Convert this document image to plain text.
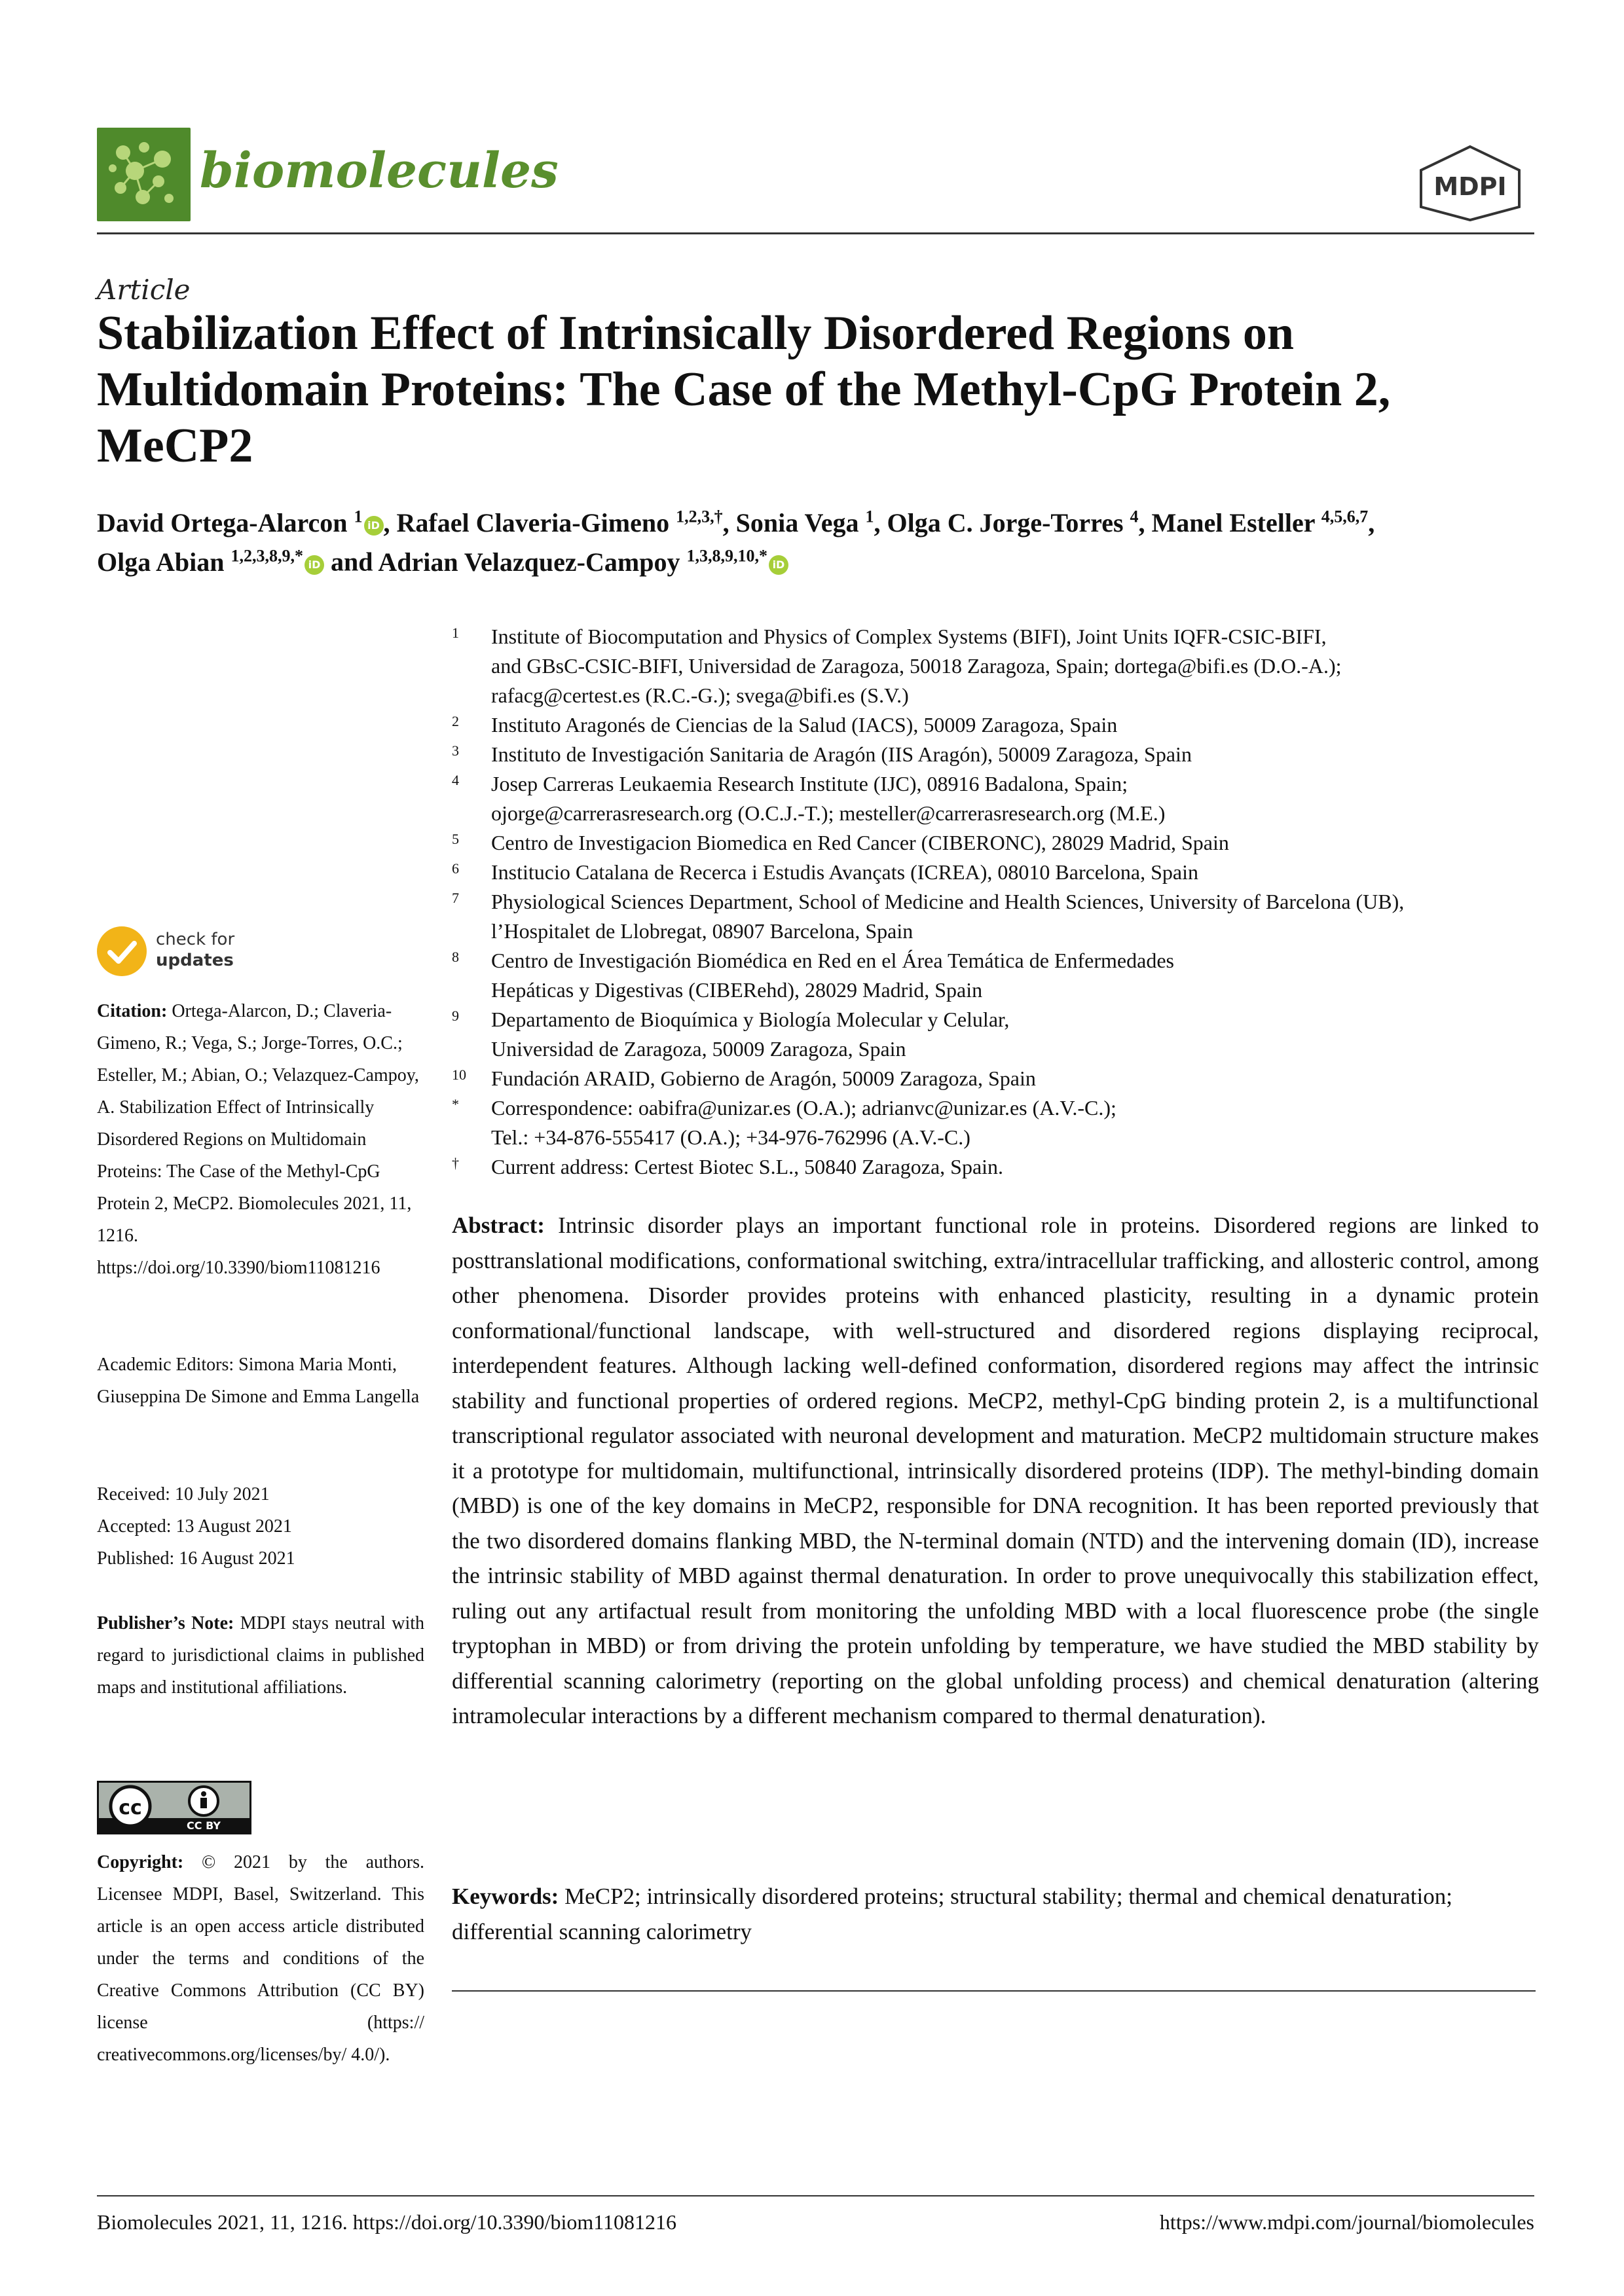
biomolecules	MDPI
Article
Stabilization Effect of Intrinsically Disordered Regions on Multidomain Proteins: The Case of the Methyl-CpG Protein 2, MeCP2
David Ortega-Alarcon $^1$ iD , Rafael Claveria-Gimeno $^{1,2,3,\dagger}$, Sonia Vega $^1$, Olga C. Jorge-Torres $^4$, Manel Esteller $^{4,5,6,7}$,
Olga Abian $^{1,2,3,8,9,*}$ iD and Adrian Velazquez-Campoy $^{1,3,8,9,10,*}$ iD
1 Institute of Biocomputation and Physics of Complex Systems (BIFI), Joint Units IQFR-CSIC-BIFI,
and GBsC-CSIC-BIFI, Universidad de Zaragoza, 50018 Zaragoza, Spain; dortega@bifi.es (D.O.-A.);
rafacg@certest.es (R.C.-G.); svega@bifi.es (S.V.)
2 Instituto Aragonés de Ciencias de la Salud (IACS), 50009 Zaragoza, Spain
3 Instituto de Investigación Sanitaria de Aragón (IIS Aragón), 50009 Zaragoza, Spain
4 Josep Carreras Leukaemia Research Institute (IJC), 08916 Badalona, Spain;
ojorge@carrerasresearch.org (O.C.J.-T.); mesteller@carrerasresearch.org (M.E.)
5 Centro de Investigacion Biomedica en Red Cancer (CIBERONC), 28029 Madrid, Spain
6 Institucio Catalana de Recerca i Estudis Avançats (ICREA), 08010 Barcelona, Spain
7 Physiological Sciences Department, School of Medicine and Health Sciences, University of Barcelona (UB),
l’Hospitalet de Llobregat, 08907 Barcelona, Spain
8 Centro de Investigación Biomédica en Red en el Área Temática de Enfermedades
Hepáticas y Digestivas (CIBERehd), 28029 Madrid, Spain
9 Departamento de Bioquímica y Biología Molecular y Celular,
Universidad de Zaragoza, 50009 Zaragoza, Spain
10 Fundación ARAID, Gobierno de Aragón, 50009 Zaragoza, Spain
* Correspondence: oabifra@unizar.es (O.A.); adrianvc@unizar.es (A.V.-C.);
Tel.: +34-876-555417 (O.A.); +34-976-762996 (A.V.-C.)
† Current address: Certest Biotec S.L., 50840 Zaragoza, Spain.
check for
updates
Citation: Ortega-Alarcon, D.; Claveria-Gimeno, R.; Vega, S.; Jorge-Torres, O.C.; Esteller, M.; Abian, O.; Velazquez-Campoy, A. Stabilization Effect of Intrinsically Disordered Regions on Multidomain Proteins: The Case of the Methyl-CpG Protein 2, MeCP2. Biomolecules 2021, 11, 1216. https://doi.org/10.3390/biom11081216
Academic Editors: Simona Maria Monti, Giuseppina De Simone and Emma Langella
Received: 10 July 2021
Accepted: 13 August 2021
Published: 16 August 2021
Publisher’s Note: MDPI stays neutral with regard to jurisdictional claims in published maps and institutional affiliations.
cc
CC BY
Copyright: © 2021 by the authors. Licensee MDPI, Basel, Switzerland. This article is an open access article distributed under the terms and conditions of the Creative Commons Attribution (CC BY) license (https:// creativecommons.org/licenses/by/ 4.0/).
Abstract: Intrinsic disorder plays an important functional role in proteins. Disordered regions are linked to posttranslational modifications, conformational switching, extra/intracellular trafficking, and allosteric control, among other phenomena. Disorder provides proteins with enhanced plasticity, resulting in a dynamic protein conformational/functional landscape, with well-structured and disordered regions displaying reciprocal, interdependent features. Although lacking well-defined conformation, disordered regions may affect the intrinsic stability and functional properties of ordered regions. MeCP2, methyl-CpG binding protein 2, is a multifunctional transcriptional regulator associated with neuronal development and maturation. MeCP2 multidomain structure makes it a prototype for multidomain, multifunctional, intrinsically disordered proteins (IDP). The methyl-binding domain (MBD) is one of the key domains in MeCP2, responsible for DNA recognition. It has been reported previously that the two disordered domains flanking MBD, the N-terminal domain (NTD) and the intervening domain (ID), increase the intrinsic stability of MBD against thermal denaturation. In order to prove unequivocally this stabilization effect, ruling out any artifactual result from monitoring the unfolding MBD with a local fluorescence probe (the single tryptophan in MBD) or from driving the protein unfolding by temperature, we have studied the MBD stability by differential scanning calorimetry (reporting on the global unfolding process) and chemical denaturation (altering intramolecular interactions by a different mechanism compared to thermal denaturation).
Keywords: MeCP2; intrinsically disordered proteins; structural stability; thermal and chemical denaturation; differential scanning calorimetry
Biomolecules 2021, 11, 1216. https://doi.org/10.3390/biom11081216	https://www.mdpi.com/journal/biomolecules
